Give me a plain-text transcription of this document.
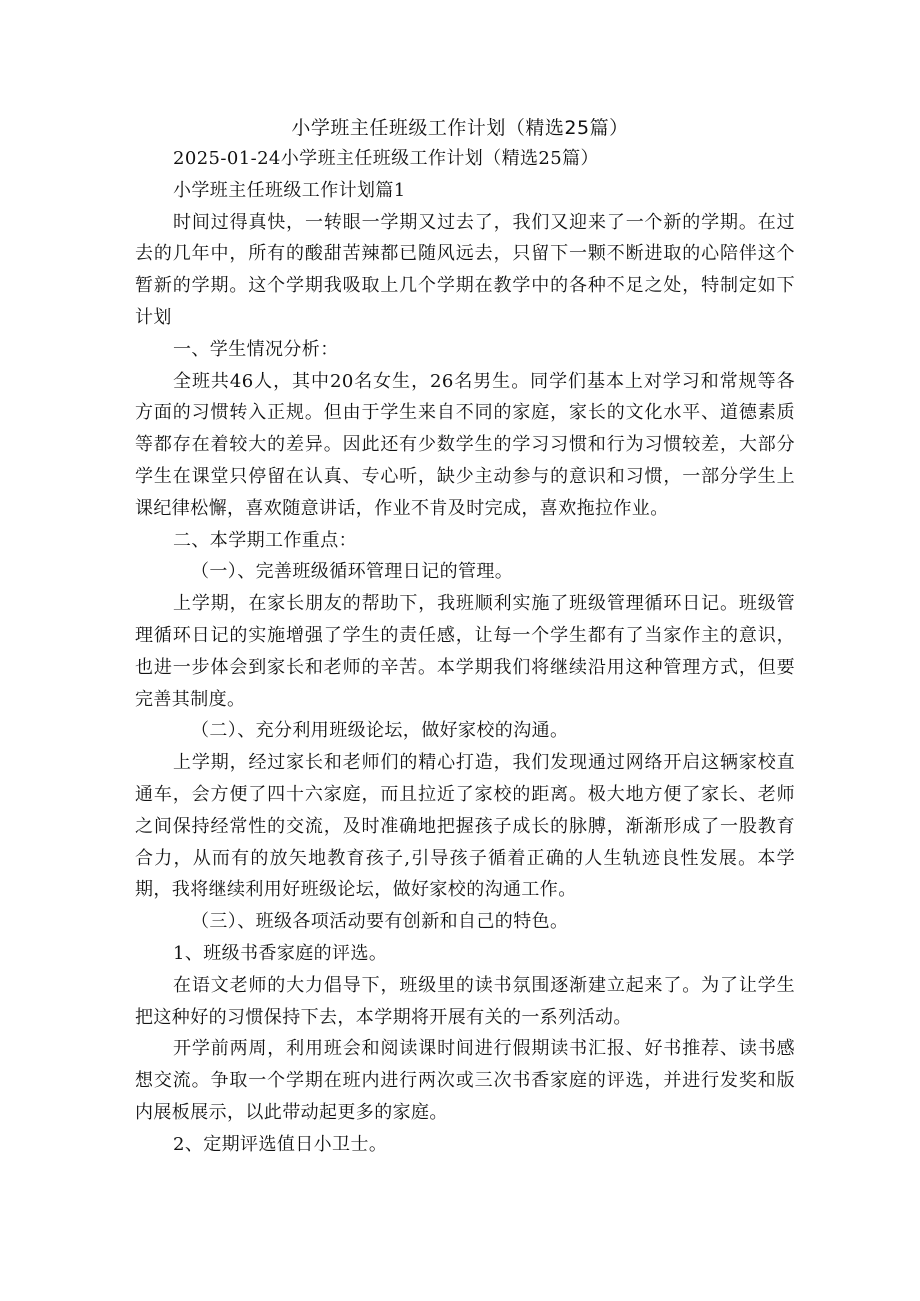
小学班主任班级工作计划（精选25篇）

2025-01-24小学班主任班级工作计划（精选25篇）

小学班主任班级工作计划篇1

时间过得真快，一转眼一学期又过去了，我们又迎来了一个新的学期。在过去的几年中，所有的酸甜苦辣都已随风远去，只留下一颗不断进取的心陪伴这个暂新的学期。这个学期我吸取上几个学期在教学中的各种不足之处，特制定如下计划

一、学生情况分析：

全班共46人，其中20名女生，26名男生。同学们基本上对学习和常规等各方面的习惯转入正规。但由于学生来自不同的家庭，家长的文化水平、道德素质等都存在着较大的差异。因此还有少数学生的学习习惯和行为习惯较差，大部分学生在课堂只停留在认真、专心听，缺少主动参与的意识和习惯，一部分学生上课纪律松懈，喜欢随意讲话，作业不肯及时完成，喜欢拖拉作业。

二、本学期工作重点：

（一）、完善班级循环管理日记的管理。

上学期，在家长朋友的帮助下，我班顺利实施了班级管理循环日记。班级管理循环日记的实施增强了学生的责任感，让每一个学生都有了当家作主的意识，也进一步体会到家长和老师的辛苦。本学期我们将继续沿用这种管理方式，但要完善其制度。

（二）、充分利用班级论坛，做好家校的沟通。

上学期，经过家长和老师们的精心打造，我们发现通过网络开启这辆家校直通车，会方便了四十六家庭，而且拉近了家校的距离。极大地方便了家长、老师之间保持经常性的交流，及时准确地把握孩子成长的脉膊，渐渐形成了一股教育合力，从而有的放矢地教育孩子,引导孩子循着正确的人生轨迹良性发展。本学期，我将继续利用好班级论坛，做好家校的沟通工作。

（三）、班级各项活动要有创新和自己的特色。

1、班级书香家庭的评选。

在语文老师的大力倡导下，班级里的读书氛围逐渐建立起来了。为了让学生把这种好的习惯保持下去，本学期将开展有关的一系列活动。

开学前两周，利用班会和阅读课时间进行假期读书汇报、好书推荐、读书感想交流。争取一个学期在班内进行两次或三次书香家庭的评选，并进行发奖和版内展板展示，以此带动起更多的家庭。

2、定期评选值日小卫士。
